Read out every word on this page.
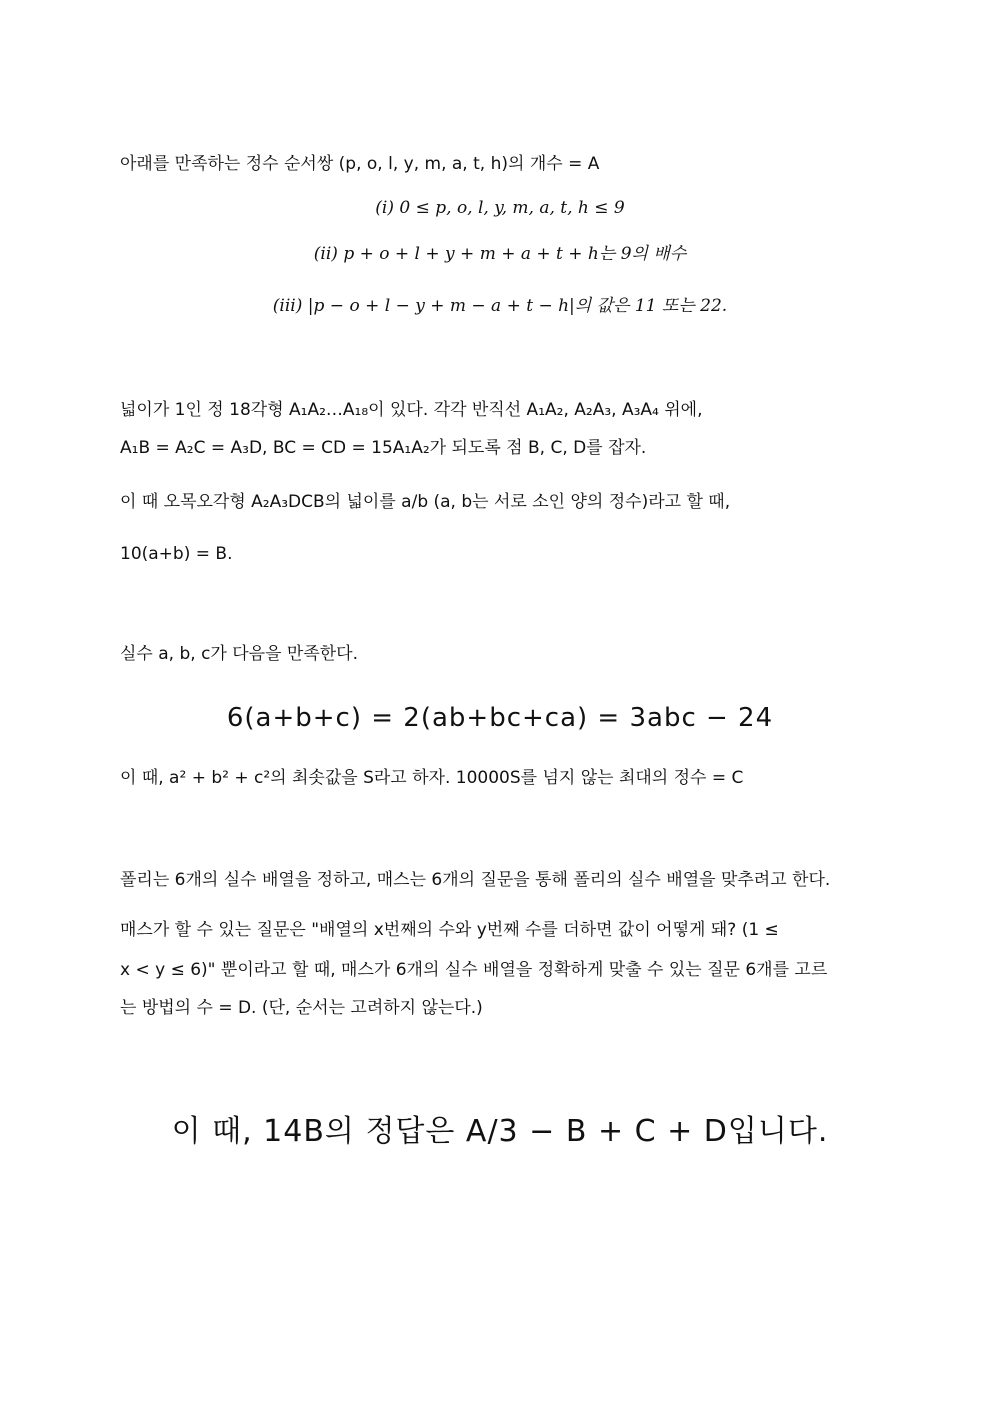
아래를 만족하는 정수 순서쌍 (p, o, l, y, m, a, t, h)의 개수 = A
(i) 0 ≤ p, o, l, y, m, a, t, h ≤ 9
(ii) p + o + l + y + m + a + t + h는 9의 배수
(iii) |p − o + l − y + m − a + t − h|의 값은 11 또는 22.
넓이가 1인 정 18각형 A₁A₂…A₁₈이 있다. 각각 반직선 A₁A₂, A₂A₃, A₃A₄ 위에,
A₁B = A₂C = A₃D, BC = CD = 15A₁A₂가 되도록 점 B, C, D를 잡자.
이 때 오목오각형 A₂A₃DCB의 넓이를 a/b (a, b는 서로 소인 양의 정수)라고 할 때,
10(a+b) = B.
실수 a, b, c가 다음을 만족한다.
6(a+b+c) = 2(ab+bc+ca) = 3abc − 24
이 때, a² + b² + c²의 최솟값을 S라고 하자. 10000S를 넘지 않는 최대의 정수 = C
폴리는 6개의 실수 배열을 정하고, 매스는 6개의 질문을 통해 폴리의 실수 배열을 맞추려고 한다.
매스가 할 수 있는 질문은 "배열의 x번째의 수와 y번째 수를 더하면 값이 어떻게 돼? (1 ≤
x < y ≤ 6)" 뿐이라고 할 때, 매스가 6개의 실수 배열을 정확하게 맞출 수 있는 질문 6개를 고르
는 방법의 수 = D. (단, 순서는 고려하지 않는다.)
이 때, 14B의 정답은 A/3 − B + C + D입니다.
